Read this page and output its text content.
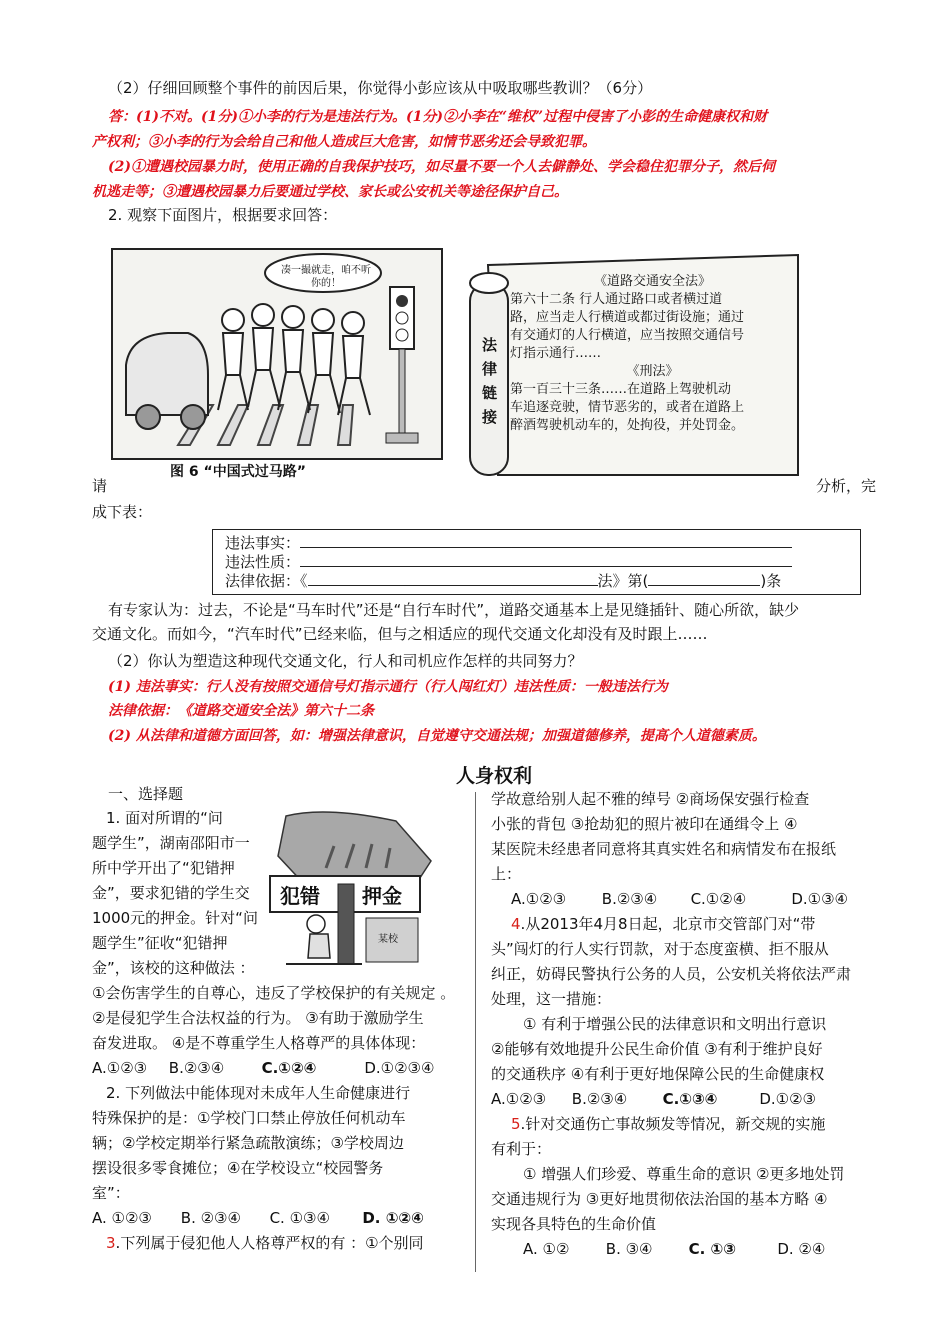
（2）仔细回顾整个事件的前因后果，你觉得小彭应该从中吸取哪些教训？（6分）
答：(1)不对。(1分)①小李的行为是违法行为。(1分)②小李在“维权”过程中侵害了小彭的生命健康权和财
产权利；③小李的行为会给自己和他人造成巨大危害，如情节恶劣还会导致犯罪。
(2)①遭遇校园暴力时，使用正确的自我保护技巧，如尽量不要一个人去僻静处、学会稳住犯罪分子，然后伺
机逃走等；③遭遇校园暴力后要通过学校、家长或公安机关等途径保护自己。
2. 观察下面图片，根据要求回答：
凑一撮就走，咱不听你的！
图 6 “中国式过马路”
法律链接
《道路交通安全法》
第六十二条 行人通过路口或者横过道
路，应当走人行横道或都过街设施；通过
有交通灯的人行横道，应当按照交通信号
灯指示通行……
《刑法》
第一百三十三条……在道路上驾驶机动
车追逐竞驶，情节恶劣的，或者在道路上
醉酒驾驶机动车的，处拘役，并处罚金。
请	分析，完
成下表：
违法事实：
违法性质：
法律依据：《	法》第(	)条
有专家认为：过去，不论是“马车时代”还是“自行车时代”，道路交通基本上是见缝插针、随心所欲，缺少
交通文化。而如今，“汽车时代”已经来临，但与之相适应的现代交通文化却没有及时跟上……
（2）你认为塑造这种现代交通文化，行人和司机应作怎样的共同努力？
(1) 违法事实：行人没有按照交通信号灯指示通行（行人闯红灯）违法性质：一般违法行为
法律依据：《道路交通安全法》第六十二条
(2) 从法律和道德方面回答，如：增强法律意识，自觉遵守交通法规；加强道德修养，提高个人道德素质。
人身权利
一、选择题
1. 面对所谓的“问
题学生”，湖南邵阳市一
所中学开出了“犯错押
金”，要求犯错的学生交
1000元的押金。针对“问
题学生”征收“犯错押
金”，该校的这种做法 ：
犯错 押金
某校
①会伤害学生的自尊心，违反了学校保护的有关规定 。
②是侵犯学生合法权益的行为。 ③有助于激励学生
奋发进取。 ④是不尊重学生人格尊严的具体体现：
A.①②③ B.②③④ C.①②④	D.①②③④
2. 下列做法中能体现对未成年人生命健康进行
特殊保护的是：①学校门口禁止停放任何机动车
辆；②学校定期举行紧急疏散演练；③学校周边
摆设很多零食摊位；④在学校设立“校园警务
室”：
A. ①②③ B. ②③④ C. ①③④ D. ①②④
3.下列属于侵犯他人人格尊严权的有 ：①个别同
学故意给别人起不雅的绰号 ②商场保安强行检查
小张的背包 ③抢劫犯的照片被印在通缉令上 ④
某医院未经患者同意将其真实姓名和病情发布在报纸
上：
A.①②③ B.②③④ C.①②④	D.①③④
4.从2013年4月8日起，北京市交管部门对“带
头”闯灯的行人实行罚款，对于态度蛮横、拒不服从
纠正，妨碍民警执行公务的人员，公安机关将依法严肃
处理，这一措施：
① 有利于增强公民的法律意识和文明出行意识
②能够有效地提升公民生命价值 ③有利于维护良好
的交通秩序 ④有利于更好地保障公民的生命健康权
A.①②③ B.②③④ C.①③④	D.①②③
5.针对交通伤亡事故频发等情况，新交规的实施
有利于：
① 增强人们珍爱、尊重生命的意识 ②更多地处罚
交通违规行为 ③更好地贯彻依法治国的基本方略 ④
实现各具特色的生命价值
A. ①② B. ③④ C. ①③	D. ②④
